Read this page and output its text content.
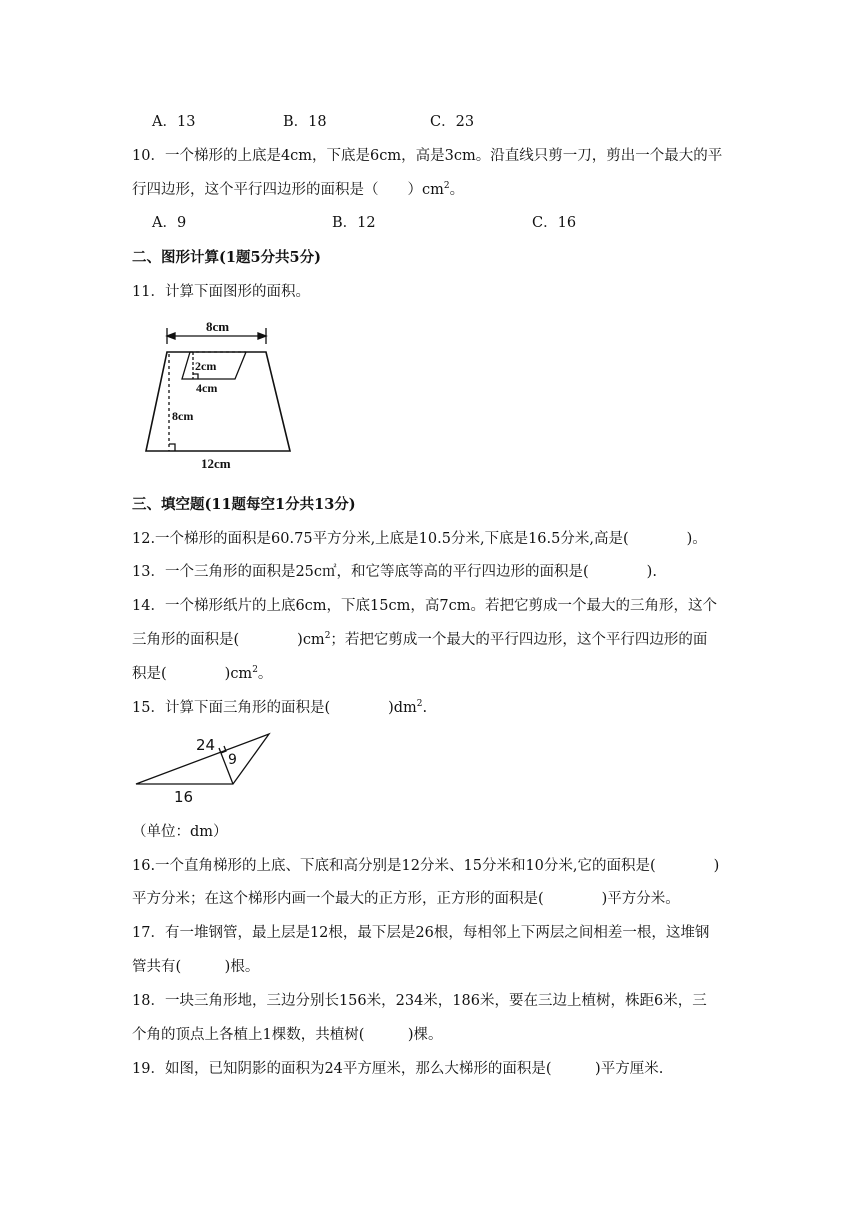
A．13	B．18	C．23
10．一个梯形的上底是4cm，下底是6cm，高是3cm。沿直线只剪一刀，剪出一个最大的平
行四边形，这个平行四边形的面积是（　　）$cm^2$。
A．9	B．12	C．16
二、图形计算(1题5分共5分)
11．计算下面图形的面积。
8cm
2cm
4cm
8cm
12cm
三、填空题(11题每空1分共13分)
12.一个梯形的面积是60.75平方分米,上底是10.5分米,下底是16.5分米,高是(　　　　)。
13．一个三角形的面积是25c㎡，和它等底等高的平行四边形的面积是(　　　　).
14．一个梯形纸片的上底6cm，下底15cm，高7cm。若把它剪成一个最大的三角形，这个
三角形的面积是(　　　　)$cm^2$；若把它剪成一个最大的平行四边形，这个平行四边形的面
积是(　　　　)$cm^2$。
15．计算下面三角形的面积是(　　　　)$dm^2$.
24
9
16
（单位：dm）
16.一个直角梯形的上底、下底和高分别是12分米、15分米和10分米,它的面积是(　　　　)
平方分米；在这个梯形内画一个最大的正方形，正方形的面积是(　　　　)平方分米。
17．有一堆钢管，最上层是12根，最下层是26根，每相邻上下两层之间相差一根，这堆钢
管共有(　　　)根。
18．一块三角形地，三边分别长156米，234米，186米，要在三边上植树，株距6米，三
个角的顶点上各植上1棵数，共植树(　　　)棵。
19．如图，已知阴影的面积为24平方厘米，那么大梯形的面积是(　　　)平方厘米.
